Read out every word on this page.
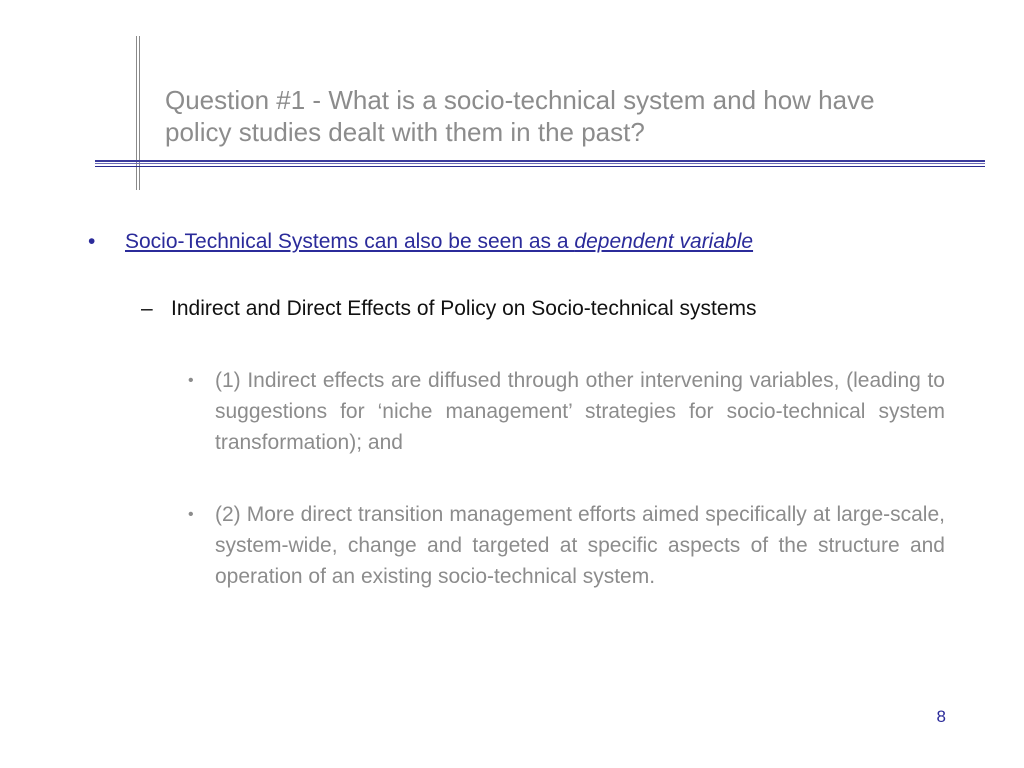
Question #1 - What is a socio-technical system and how have policy studies dealt with them in the past?
• Socio-Technical Systems can also be seen as a dependent variable
– Indirect and Direct Effects of Policy on Socio-technical systems
• (1) Indirect effects are diffused through other intervening variables, (leading to suggestions for ‘niche management’ strategies for socio-technical system transformation); and
• (2) More direct transition management efforts aimed specifically at large-scale, system-wide, change and targeted at specific aspects of the structure and operation of an existing socio-technical system.
8
